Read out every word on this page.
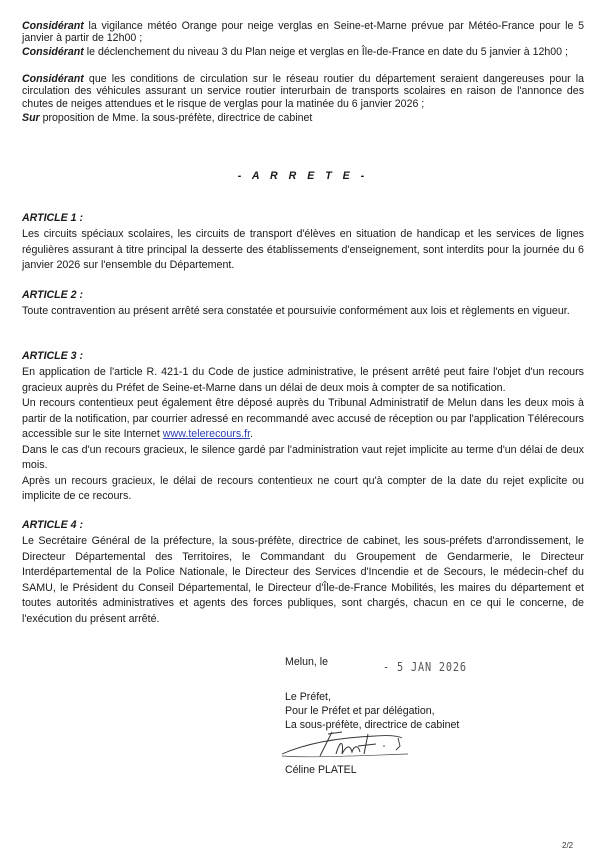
Considérant la vigilance météo Orange pour neige verglas en Seine-et-Marne prévue par Météo-France pour le 5 janvier à partir de 12h00 ;
Considérant le déclenchement du niveau 3 du Plan neige et verglas en Île-de-France en date du 5 janvier à 12h00 ;
Considérant que les conditions de circulation sur le réseau routier du département seraient dangereuses pour la circulation des véhicules assurant un service routier interurbain de transports scolaires en raison de l'annonce des chutes de neiges attendues et le risque de verglas pour la matinée du 6 janvier 2026 ;
Sur proposition de Mme. la sous-préfète, directrice de cabinet
- A R R E T E -
ARTICLE 1 :

Les circuits spéciaux scolaires, les circuits de transport d'élèves en situation de handicap et les services de lignes régulières assurant à titre principal la desserte des établissements d'enseignement, sont interdits pour la journée du 6 janvier 2026 sur l'ensemble du Département.

ARTICLE 2 :

Toute contravention au présent arrêté sera constatée et poursuivie conformément aux lois et règlements en vigueur.

ARTICLE 3 :

En application de l'article R. 421-1 du Code de justice administrative, le présent arrêté peut faire l'objet d'un recours gracieux auprès du Préfet de Seine-et-Marne dans un délai de deux mois à compter de sa notification.

Un recours contentieux peut également être déposé auprès du Tribunal Administratif de Melun dans les deux mois à partir de la notification, par courrier adressé en recommandé avec accusé de réception ou par l'application Télérecours accessible sur le site Internet www.telerecours.fr.

Dans le cas d'un recours gracieux, le silence gardé par l'administration vaut rejet implicite au terme d'un délai de deux mois.

Après un recours gracieux, le délai de recours contentieux ne court qu'à compter de la date du rejet explicite ou implicite de ce recours.

ARTICLE 4 :

Le Secrétaire Général de la préfecture, la sous-préfète, directrice de cabinet, les sous-préfets d'arrondissement, le Directeur Départemental des Territoires, le Commandant du Groupement de Gendarmerie, le Directeur Interdépartemental de la Police Nationale, le Directeur des Services d'Incendie et de Secours, le médecin-chef du SAMU, le Président du Conseil Départemental, le Directeur d'Île-de-France Mobilités, les maires du département et toutes autorités administratives et agents des forces publiques, sont chargés, chacun en ce qui le concerne, de l'exécution du présent arrêté.

Melun, le	- 5 JAN 2026
Le Préfet,
Pour le Préfet et par délégation,
La sous-préfète, directrice de cabinet
Céline PLATEL
2/2
